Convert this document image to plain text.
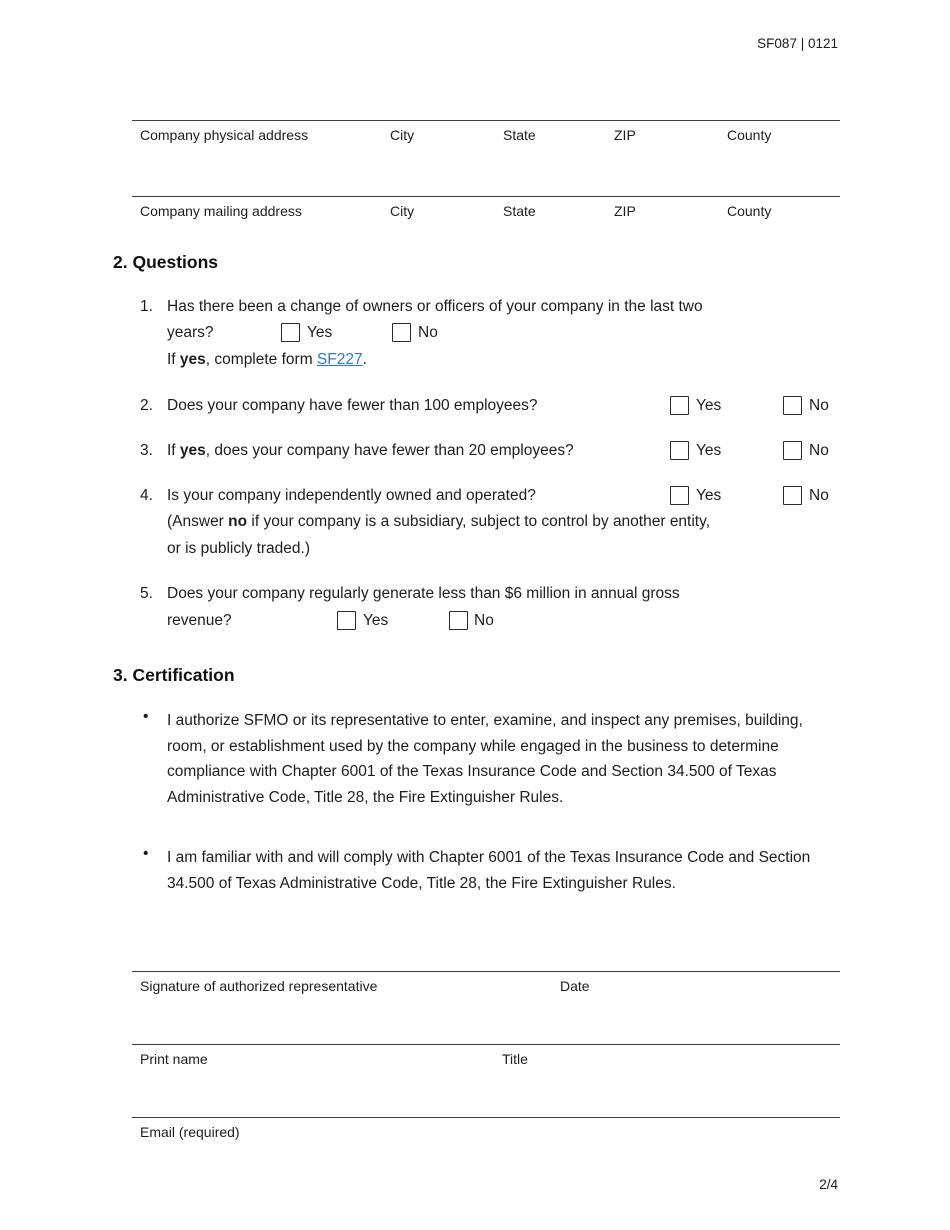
SF087 | 0121
Company physical address	City	State	ZIP	County
Company mailing address	City	State	ZIP	County
2. Questions
1. Has there been a change of owners or officers of your company in the last two
years?	Yes	No
If yes, complete form SF227.
2. Does your company have fewer than 100 employees?	Yes	No
3. If yes, does your company have fewer than 20 employees?	Yes	No
4. Is your company independently owned and operated?	Yes	No
(Answer no if your company is a subsidiary, subject to control by another entity,
or is publicly traded.)
5. Does your company regularly generate less than $6 million in annual gross
revenue?	Yes	No
3. Certification
• I authorize SFMO or its representative to enter, examine, and inspect any premises, building, room, or establishment used by the company while engaged in the business to determine compliance with Chapter 6001 of the Texas Insurance Code and Section 34.500 of Texas Administrative Code, Title 28, the Fire Extinguisher Rules.
• I am familiar with and will comply with Chapter 6001 of the Texas Insurance Code and Section 34.500 of Texas Administrative Code, Title 28, the Fire Extinguisher Rules.
Signature of authorized representative	Date
Print name	Title
Email (required)
2/4
